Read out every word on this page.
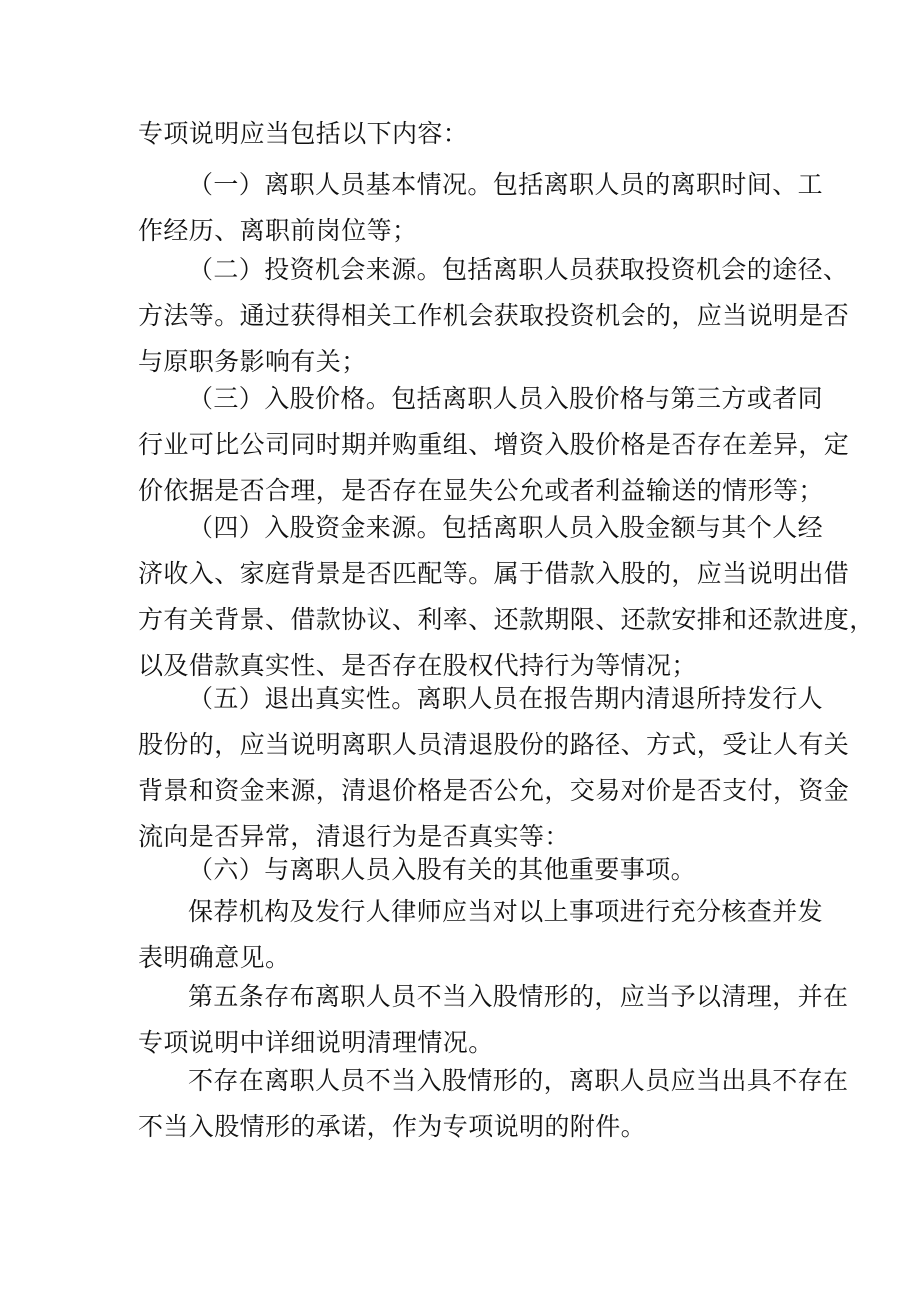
专项说明应当包括以下内容：

（一）离职人员基本情况。包括离职人员的离职时间、工
作经历、离职前岗位等；

（二）投资机会来源。包括离职人员获取投资机会的途径、
方法等。通过获得相关工作机会获取投资机会的，应当说明是否
与原职务影响有关；

（三）入股价格。包括离职人员入股价格与第三方或者同
行业可比公司同时期并购重组、增资入股价格是否存在差异，定
价依据是否合理，是否存在显失公允或者利益输送的情形等；

（四）入股资金来源。包括离职人员入股金额与其个人经
济收入、家庭背景是否匹配等。属于借款入股的，应当说明出借
方有关背景、借款协议、利率、还款期限、还款安排和还款进度，
以及借款真实性、是否存在股权代持行为等情况；

（五）退出真实性。离职人员在报告期内清退所持发行人
股份的，应当说明离职人员清退股份的路径、方式，受让人有关
背景和资金来源，清退价格是否公允，交易对价是否支付，资金
流向是否异常，清退行为是否真实等：

（六）与离职人员入股有关的其他重要事项。

保荐机构及发行人律师应当对以上事项进行充分核查并发
表明确意见。

第五条存布离职人员不当入股情形的，应当予以清理，并在
专项说明中详细说明清理情况。

不存在离职人员不当入股情形的，离职人员应当出具不存在
不当入股情形的承诺，作为专项说明的附件。
